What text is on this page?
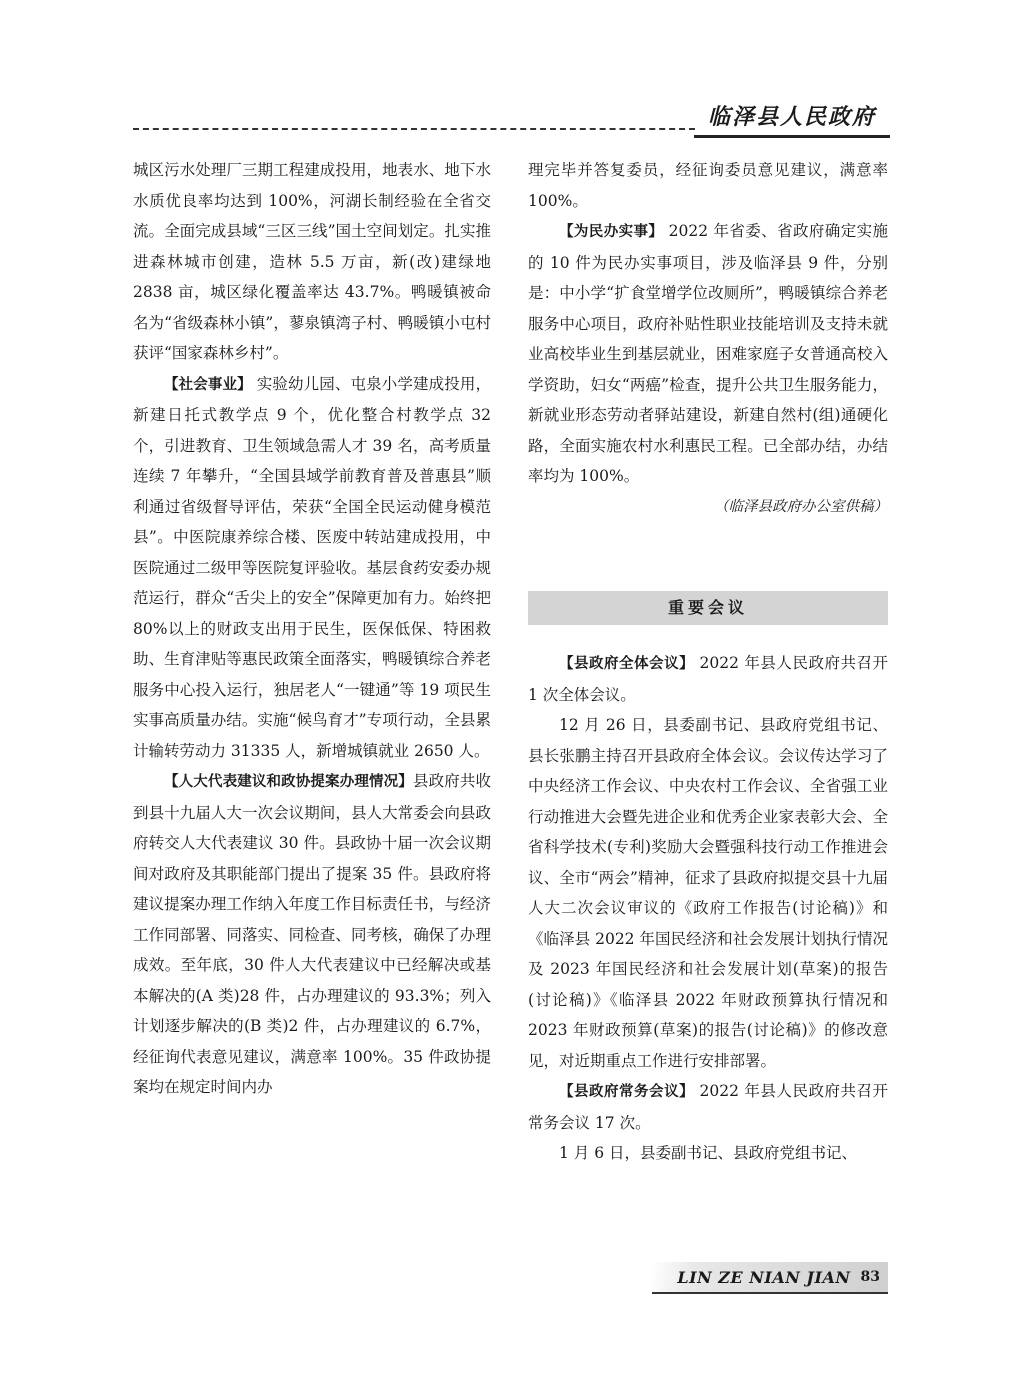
临泽县人民政府

城区污水处理厂三期工程建成投用，地表水、地下水水质优良率均达到 100%，河湖长制经验在全省交流。全面完成县域“三区三线”国土空间划定。扎实推进森林城市创建，造林 5.5 万亩，新(改)建绿地 2838 亩，城区绿化覆盖率达 43.7%。鸭暖镇被命名为“省级森林小镇”，蓼泉镇湾子村、鸭暖镇小屯村获评“国家森林乡村”。

【社会事业】 实验幼儿园、屯泉小学建成投用，新建日托式教学点 9 个，优化整合村教学点 32 个，引进教育、卫生领域急需人才 39 名，高考质量连续 7 年攀升，“全国县域学前教育普及普惠县”顺利通过省级督导评估，荣获“全国全民运动健身模范县”。中医院康养综合楼、医废中转站建成投用，中医院通过二级甲等医院复评验收。基层食药安委办规范运行，群众“舌尖上的安全”保障更加有力。始终把 80%以上的财政支出用于民生，医保低保、特困救助、生育津贴等惠民政策全面落实，鸭暖镇综合养老服务中心投入运行，独居老人“一键通”等 19 项民生实事高质量办结。实施“候鸟育才”专项行动，全县累计输转劳动力 31335 人，新增城镇就业 2650 人。

【人大代表建议和政协提案办理情况】县政府共收到县十九届人大一次会议期间，县人大常委会向县政府转交人大代表建议 30 件。县政协十届一次会议期间对政府及其职能部门提出了提案 35 件。县政府将建议提案办理工作纳入年度工作目标责任书，与经济工作同部署、同落实、同检查、同考核，确保了办理成效。至年底，30 件人大代表建议中已经解决或基本解决的(A 类)28 件，占办理建议的 93.3%；列入计划逐步解决的(B 类)2 件，占办理建议的 6.7%，经征询代表意见建议，满意率 100%。35 件政协提案均在规定时间内办

理完毕并答复委员，经征询委员意见建议，满意率 100%。

【为民办实事】 2022 年省委、省政府确定实施的 10 件为民办实事项目，涉及临泽县 9 件，分别是：中小学“扩食堂增学位改厕所”，鸭暖镇综合养老服务中心项目，政府补贴性职业技能培训及支持未就业高校毕业生到基层就业，困难家庭子女普通高校入学资助，妇女“两癌”检查，提升公共卫生服务能力，新就业形态劳动者驿站建设，新建自然村(组)通硬化路，全面实施农村水利惠民工程。已全部办结，办结率均为 100%。

（临泽县政府办公室供稿）

重要会议

【县政府全体会议】 2022 年县人民政府共召开 1 次全体会议。

12 月 26 日，县委副书记、县政府党组书记、县长张鹏主持召开县政府全体会议。会议传达学习了中央经济工作会议、中央农村工作会议、全省强工业行动推进大会暨先进企业和优秀企业家表彰大会、全省科学技术(专利)奖励大会暨强科技行动工作推进会议、全市“两会”精神，征求了县政府拟提交县十九届人大二次会议审议的《政府工作报告(讨论稿)》和《临泽县 2022 年国民经济和社会发展计划执行情况及 2023 年国民经济和社会发展计划(草案)的报告(讨论稿)》《临泽县 2022 年财政预算执行情况和 2023 年财政预算(草案)的报告(讨论稿)》的修改意见，对近期重点工作进行安排部署。

【县政府常务会议】 2022 年县人民政府共召开常务会议 17 次。

1 月 6 日，县委副书记、县政府党组书记、

LIN ZE NIAN JIAN 83
